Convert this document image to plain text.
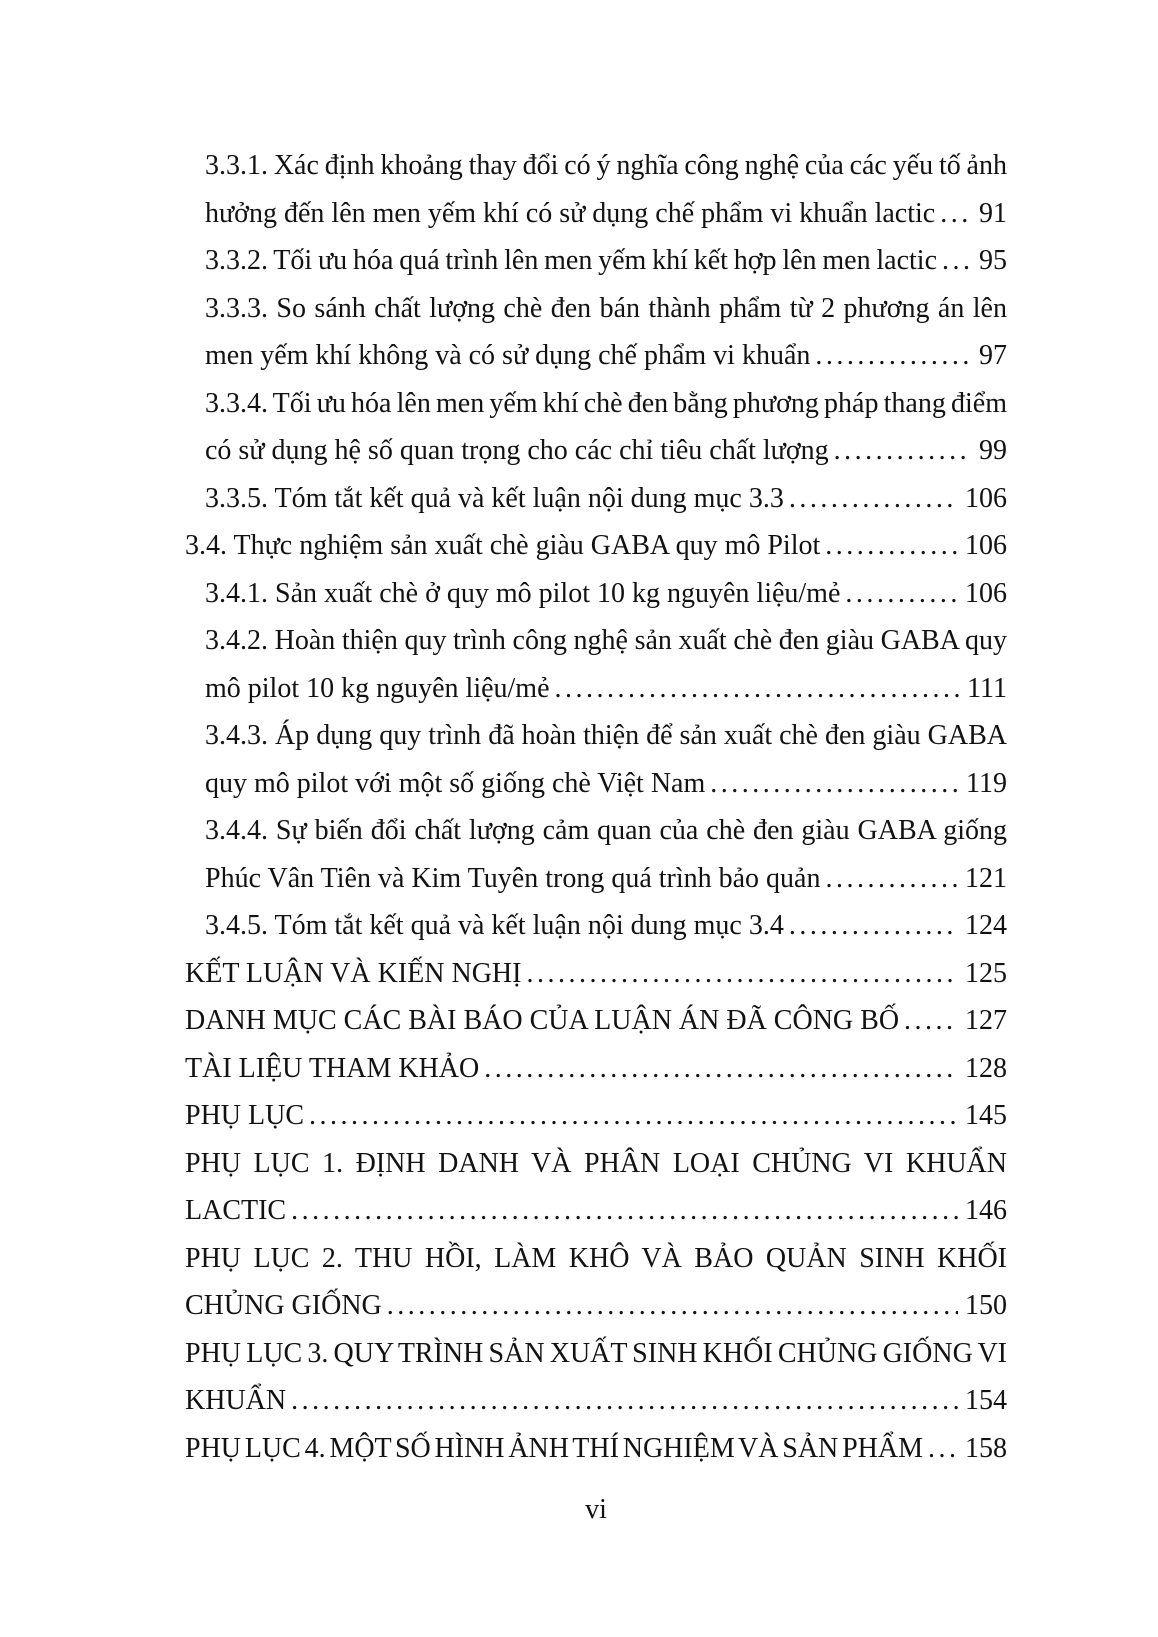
3.3.1. Xác định khoảng thay đổi có ý nghĩa công nghệ của các yếu tố ảnh
hưởng đến lên men yếm khí có sử dụng chế phẩm vi khuẩn lactic ..... 91
3.3.2. Tối ưu hóa quá trình lên men yếm khí kết hợp lên men lactic ..... 95
3.3.3. So sánh chất lượng chè đen bán thành phẩm từ 2 phương án lên
men yếm khí không và có sử dụng chế phẩm vi khuẩn .....	97
3.3.4. Tối ưu hóa lên men yếm khí chè đen bằng phương pháp thang điểm
có sử dụng hệ số quan trọng cho các chỉ tiêu chất lượng .....	99
3.3.5. Tóm tắt kết quả và kết luận nội dung mục 3.3 .....	106
3.4. Thực nghiệm sản xuất chè giàu GABA quy mô Pilot .....	106
3.4.1. Sản xuất chè ở quy mô pilot 10 kg nguyên liệu/mẻ .....	106
3.4.2. Hoàn thiện quy trình công nghệ sản xuất chè đen giàu GABA quy
mô pilot 10 kg nguyên liệu/mẻ .....	111
3.4.3. Áp dụng quy trình đã hoàn thiện để sản xuất chè đen giàu GABA
quy mô pilot với một số giống chè Việt Nam .....	119
3.4.4. Sự biến đổi chất lượng cảm quan của chè đen giàu GABA giống
Phúc Vân Tiên và Kim Tuyên trong quá trình bảo quản .....	121
3.4.5. Tóm tắt kết quả và kết luận nội dung mục 3.4 .....	124
KẾT LUẬN VÀ KIẾN NGHỊ .....	125
DANH MỤC CÁC BÀI BÁO CỦA LUẬN ÁN ĐÃ CÔNG BỐ ..... 127
TÀI LIỆU THAM KHẢO .....	128
PHỤ LỤC .....	145
PHỤ LỤC 1. ĐỊNH DANH VÀ PHÂN LOẠI CHỦNG VI KHUẨN
LACTIC .....	146
PHỤ LỤC 2. THU HỒI, LÀM KHÔ VÀ BẢO QUẢN SINH KHỐI
CHỦNG GIỐNG .....	150
PHỤ LỤC 3. QUY TRÌNH SẢN XUẤT SINH KHỐI CHỦNG GIỐNG VI
KHUẨN .....	154
PHỤ LỤC 4. MỘT SỐ HÌNH ẢNH THÍ NGHIỆM VÀ SẢN PHẨM ..... 158
vi
